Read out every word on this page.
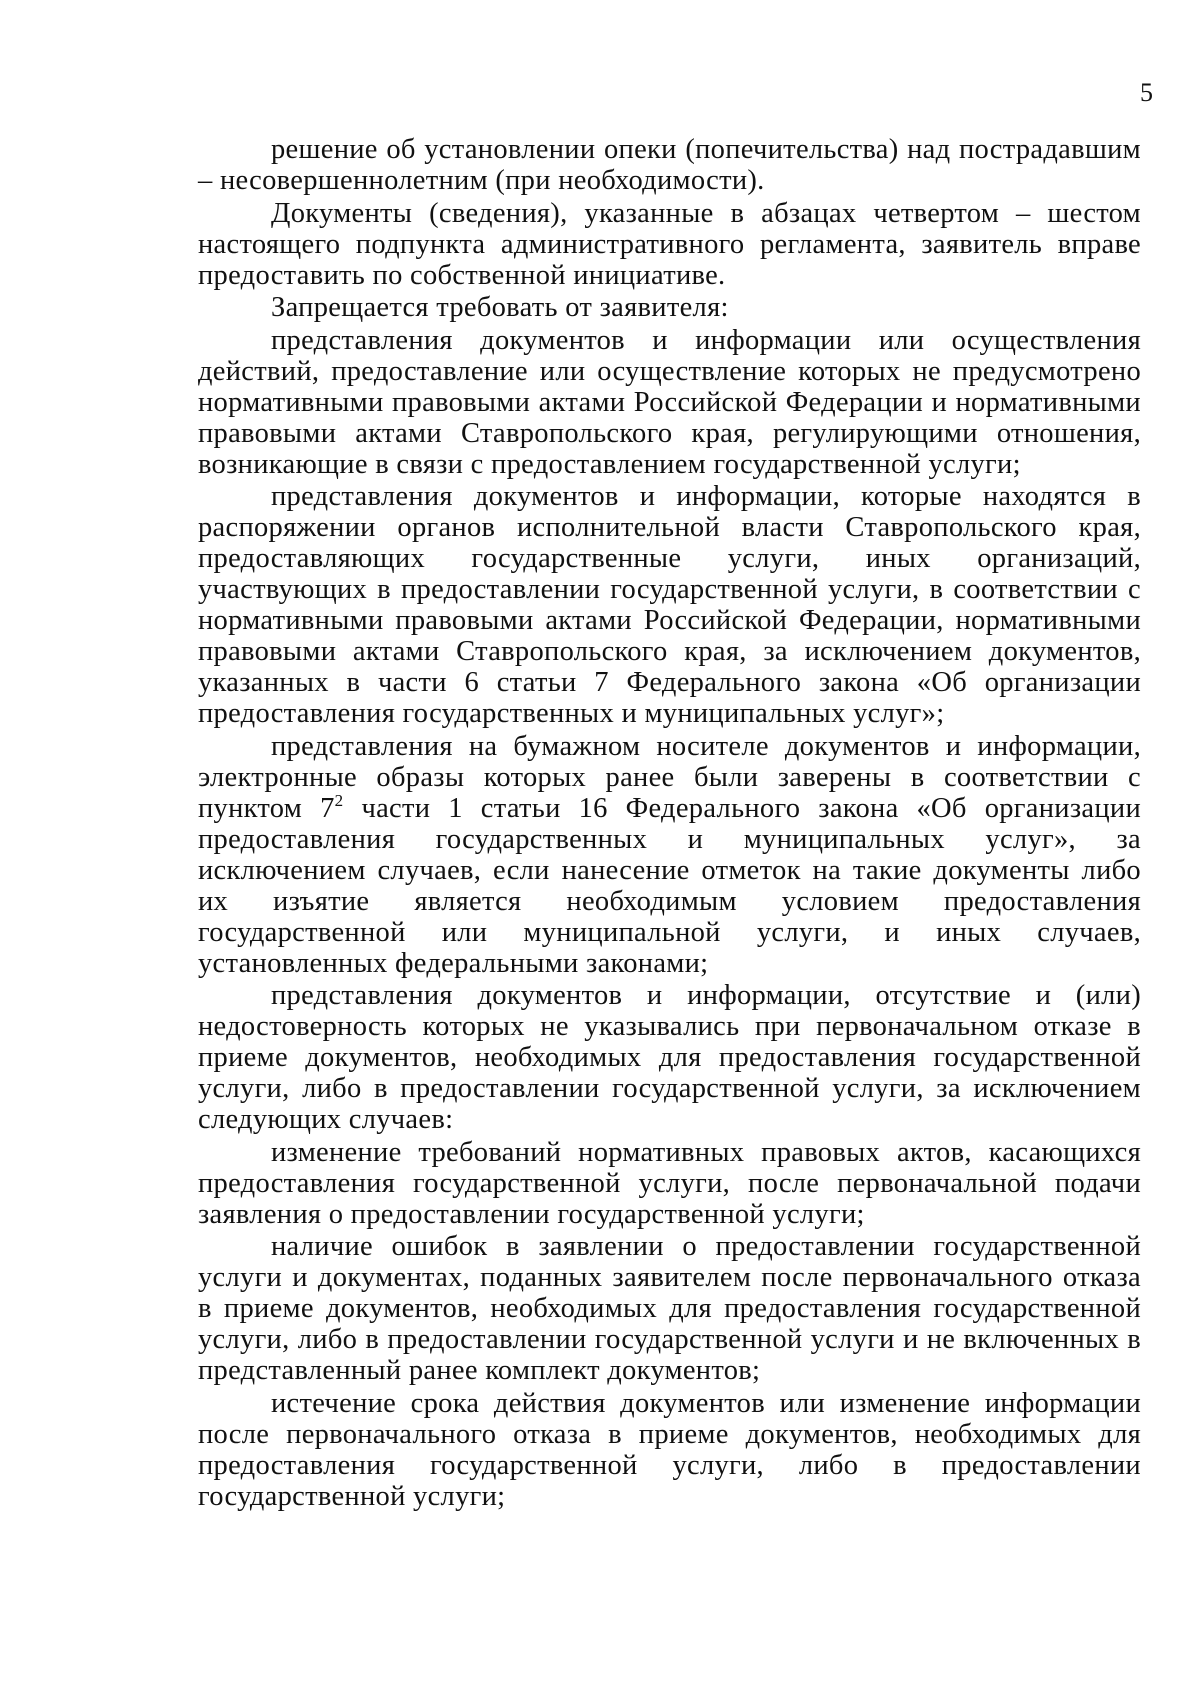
5

решение об установлении опеки (попечительства) над пострадавшим – несовершеннолетним (при необходимости).

Документы (сведения), указанные в абзацах четвертом – шестом настоящего подпункта административного регламента, заявитель вправе предоставить по собственной инициативе.

Запрещается требовать от заявителя:

представления документов и информации или осуществления действий, предоставление или осуществление которых не предусмотрено нормативными правовыми актами Российской Федерации и нормативными правовыми актами Ставропольского края, регулирующими отношения, возникающие в связи с предоставлением государственной услуги;

представления документов и информации, которые находятся в распоряжении органов исполнительной власти Ставропольского края, предоставляющих государственные услуги, иных организаций, участвующих в предоставлении государственной услуги, в соответствии с нормативными правовыми актами Российской Федерации, нормативными правовыми актами Ставропольского края, за исключением документов, указанных в части 6 статьи 7 Федерального закона «Об организации предоставления государственных и муниципальных услуг»;

представления на бумажном носителе документов и информации, электронные образы которых ранее были заверены в соответствии с пунктом $7^2$ части 1 статьи 16 Федерального закона «Об организации предоставления государственных и муниципальных услуг», за исключением случаев, если нанесение отметок на такие документы либо их изъятие является необходимым условием предоставления государственной или муниципальной услуги, и иных случаев, установленных федеральными законами;

представления документов и информации, отсутствие и (или) недостоверность которых не указывались при первоначальном отказе в приеме документов, необходимых для предоставления государственной услуги, либо в предоставлении государственной услуги, за исключением следующих случаев:

изменение требований нормативных правовых актов, касающихся предоставления государственной услуги, после первоначальной подачи заявления о предоставлении государственной услуги;

наличие ошибок в заявлении о предоставлении государственной услуги и документах, поданных заявителем после первоначального отказа в приеме документов, необходимых для предоставления государственной услуги, либо в предоставлении государственной услуги и не включенных в представленный ранее комплект документов;

истечение срока действия документов или изменение информации после первоначального отказа в приеме документов, необходимых для предоставления государственной услуги, либо в предоставлении государственной услуги;
